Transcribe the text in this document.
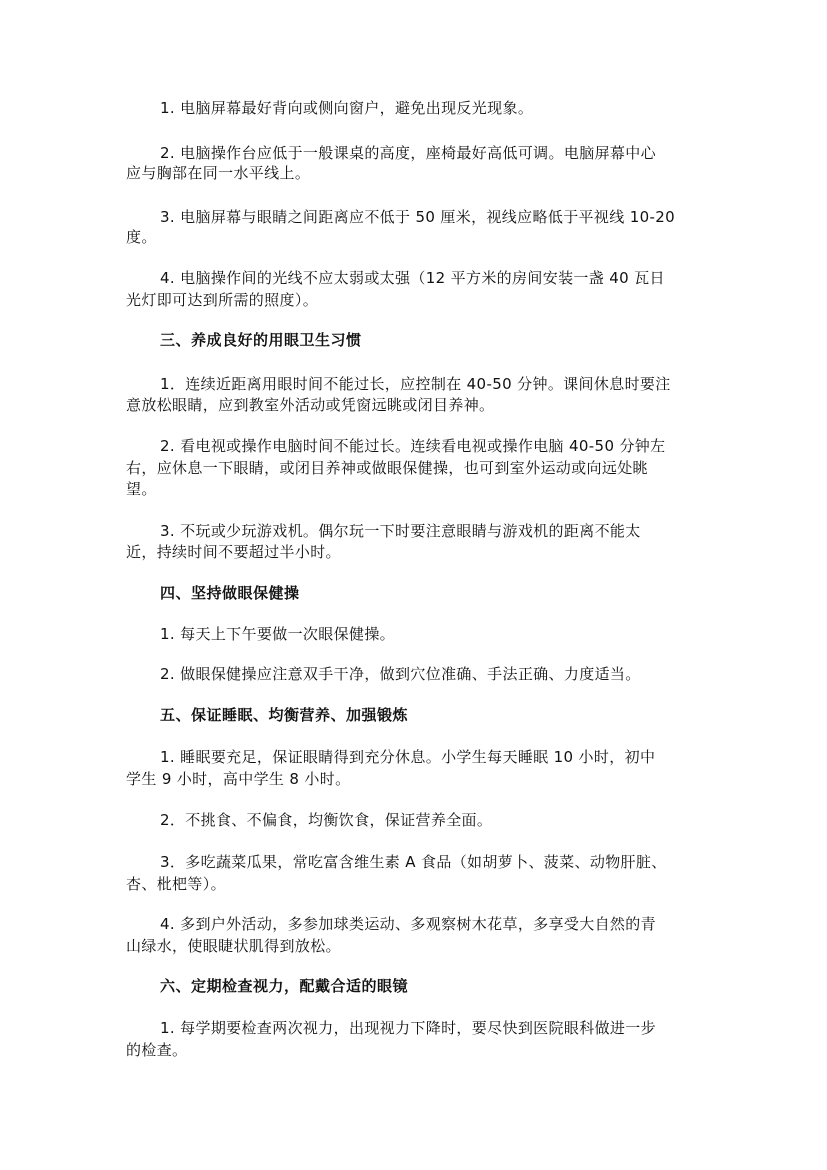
1. 电脑屏幕最好背向或侧向窗户，避免出现反光现象。
2. 电脑操作台应低于一般课桌的高度，座椅最好高低可调。电脑屏幕中心
应与胸部在同一水平线上。
3. 电脑屏幕与眼睛之间距离应不低于 50 厘米，视线应略低于平视线 10-20
度。
4. 电脑操作间的光线不应太弱或太强（12 平方米的房间安装一盏 40 瓦日
光灯即可达到所需的照度）。
三、养成良好的用眼卫生习惯
1．连续近距离用眼时间不能过长，应控制在 40-50 分钟。课间休息时要注
意放松眼睛，应到教室外活动或凭窗远眺或闭目养神。
2. 看电视或操作电脑时间不能过长。连续看电视或操作电脑 40-50 分钟左
右，应休息一下眼睛，或闭目养神或做眼保健操，也可到室外运动或向远处眺
望。
3. 不玩或少玩游戏机。偶尔玩一下时要注意眼睛与游戏机的距离不能太
近，持续时间不要超过半小时。
四、坚持做眼保健操
1. 每天上下午要做一次眼保健操。
2. 做眼保健操应注意双手干净，做到穴位准确、手法正确、力度适当。
五、保证睡眠、均衡营养、加强锻炼
1. 睡眠要充足，保证眼睛得到充分休息。小学生每天睡眠 10 小时，初中
学生 9 小时，高中学生 8 小时。
2．不挑食、不偏食，均衡饮食，保证营养全面。
3．多吃蔬菜瓜果，常吃富含维生素 A 食品（如胡萝卜、菠菜、动物肝脏、
杏、枇杷等）。
4. 多到户外活动，多参加球类运动、多观察树木花草，多享受大自然的青
山绿水，使眼睫状肌得到放松。
六、定期检查视力，配戴合适的眼镜
1. 每学期要检查两次视力，出现视力下降时，要尽快到医院眼科做进一步
的检查。
